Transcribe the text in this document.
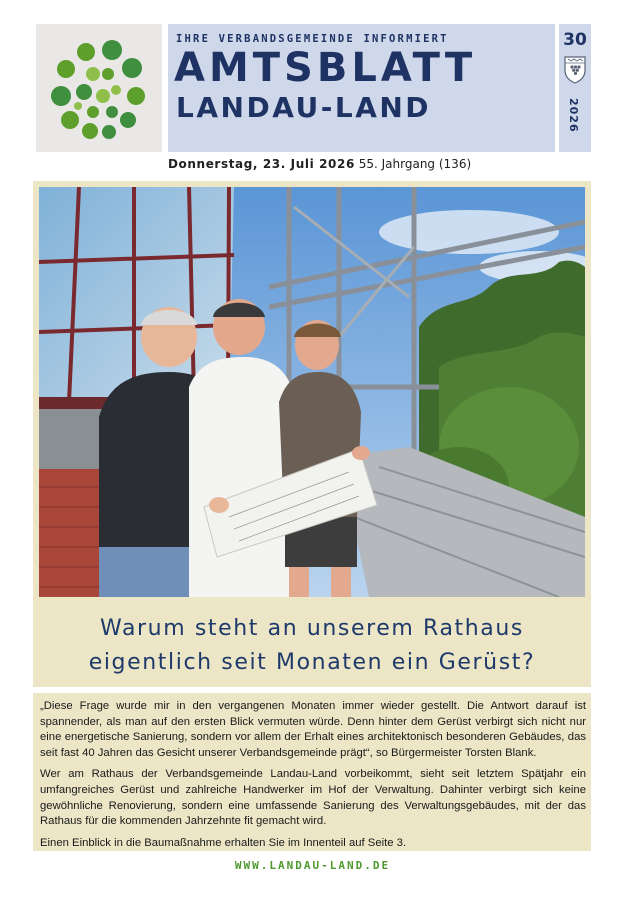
IHRE VERBANDSGEMEINDE INFORMIERT
AMTSBLATT
LANDAU-LAND
30
2026
Donnerstag, 23. Juli 2026 55. Jahrgang (136)
Warum steht an unserem Rathaus
eigentlich seit Monaten ein Gerüst?

„Diese Frage wurde mir in den vergangenen Monaten immer wieder gestellt. Die Antwort darauf ist spannender, als man auf den ersten Blick vermuten würde. Denn hinter dem Gerüst verbirgt sich nicht nur eine energetische Sanierung, sondern vor allem der Erhalt eines architektonisch besonderen Gebäudes, das seit fast 40 Jahren das Gesicht unserer Verbandsgemeinde prägt“, so Bürgermeister Torsten Blank.

Wer am Rathaus der Verbandsgemeinde Landau-Land vorbeikommt, sieht seit letztem Spätjahr ein umfangreiches Gerüst und zahlreiche Handwerker im Hof der Verwaltung. Dahinter verbirgt sich keine gewöhnliche Renovierung, sondern eine umfassende Sanierung des Verwaltungsgebäudes, mit der das Rathaus für die kommenden Jahrzehnte fit gemacht wird.

Einen Einblick in die Baumaßnahme erhalten Sie im Innenteil auf Seite 3.

WWW.LANDAU-LAND.DE
